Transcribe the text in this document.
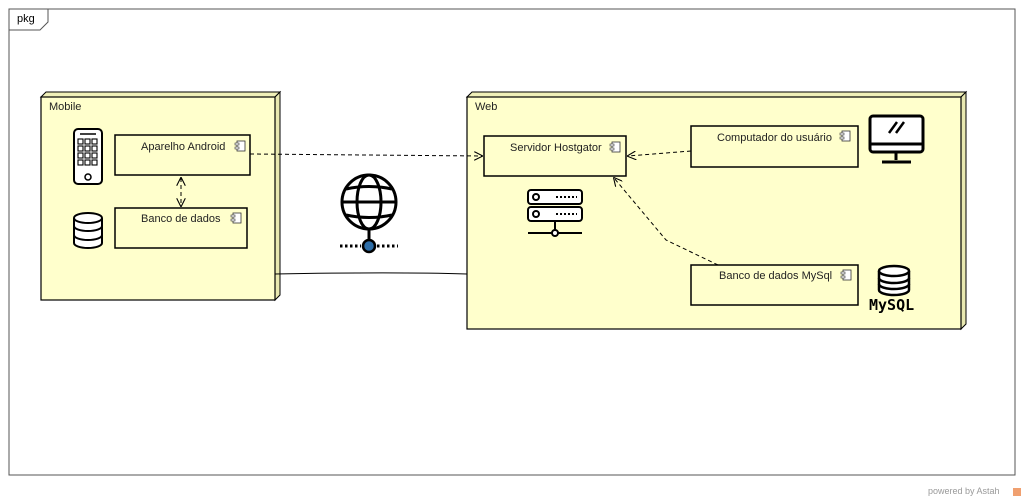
pkg
Mobile	Web
Aparelho Android
Banco de dados
Servidor Hostgator
Computador do usuário
Banco de dados MySql
MySQL
powered by Astah
